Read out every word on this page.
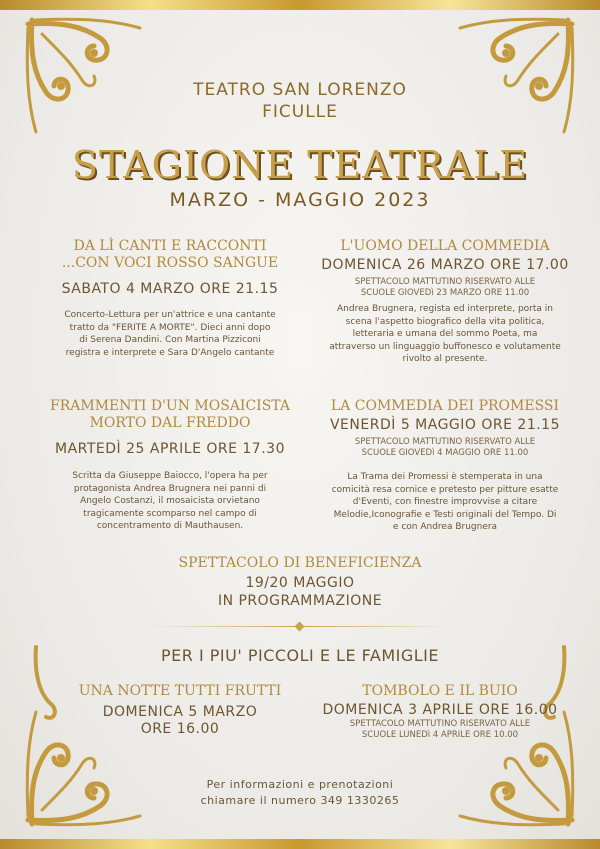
TEATRO SAN LORENZO
FICULLE
STAGIONE TEATRALE
MARZO - MAGGIO 2023
DA LÌ CANTI E RACCONTI
...CON VOCI ROSSO SANGUE
SABATO 4 MARZO ORE 21.15
Concerto-Lettura per un'attrice e una cantante
tratto da "FERITE A MORTE". Dieci anni dopo
di Serena Dandini. Con Martina Pizziconi
registra e interprete e Sara D'Angelo cantante
L'UOMO DELLA COMMEDIA
DOMENICA 26 MARZO ORE 17.00
SPETTACOLO MATTUTINO RISERVATO ALLE
SCUOLE GIOVEDì 23 MARZO ORE 11.00
Andrea Brugnera, regista ed interprete, porta in
scena l'aspetto biografico della vita politica,
letteraria e umana del sommo Poeta, ma
attraverso un linguaggio buffonesco e volutamente
rivolto al presente.
FRAMMENTI D'UN MOSAICISTA
MORTO DAL FREDDO
MARTEDÌ 25 APRILE ORE 17.30
Scritta da Giuseppe Baiocco, l'opera ha per
protagonista Andrea Brugnera nei panni di
Angelo Costanzi, il mosaicista orvietano
tragicamente scomparso nel campo di
concentramento di Mauthausen.
LA COMMEDIA DEI PROMESSI
VENERDÌ 5 MAGGIO ORE 21.15
SPETTACOLO MATTUTINO RISERVATO ALLE
SCUOLE GIOVEDì 4 MAGGIO ORE 11.00
La Trama dei Promessi è stemperata in una
comicità resa cornice e pretesto per pitture esatte
d'Eventi, con finestre improvvise a citare
Melodie,Iconografie e Testi originali del Tempo. Di
e con Andrea Brugnera
SPETTACOLO DI BENEFICIENZA
19/20 MAGGIO
IN PROGRAMMAZIONE
PER I PIU' PICCOLI E LE FAMIGLIE
UNA NOTTE TUTTI FRUTTI
DOMENICA 5 MARZO
ORE 16.00
TOMBOLO E IL BUIO
DOMENICA 3 APRILE ORE 16.00
SPETTACOLO MATTUTINO RISERVATO ALLE
SCUOLE LUNEDì 4 APRILE ORE 10.00
Per informazioni e prenotazioni
chiamare il numero 349 1330265
